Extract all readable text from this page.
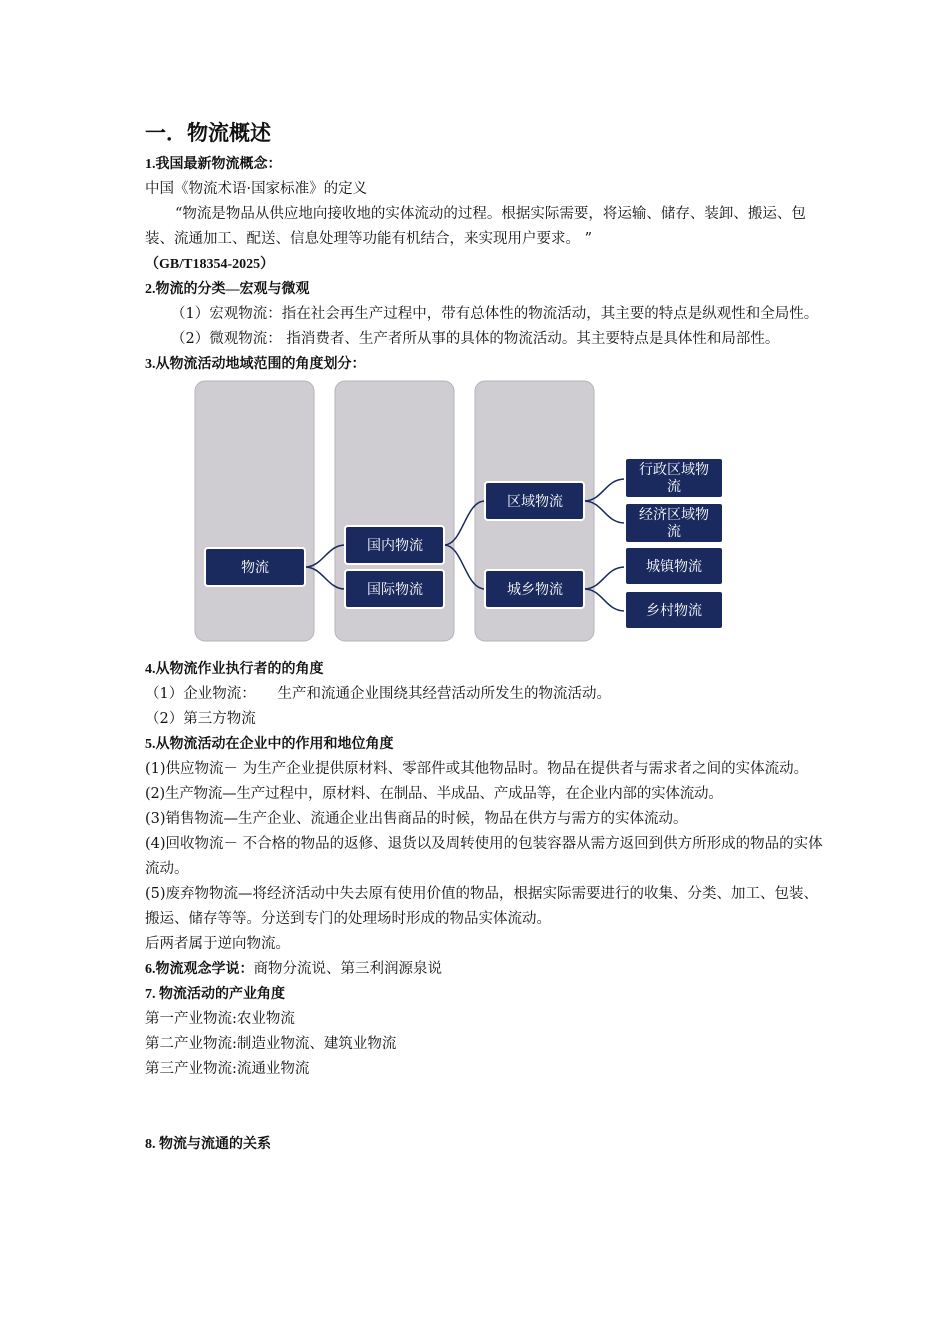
一．物流概述
1.我国最新物流概念：

中国《物流术语·国家标准》的定义

“物流是物品从供应地向接收地的实体流动的过程。根据实际需要，将运输、储存、装卸、搬运、包装、流通加工、配送、信息处理等功能有机结合，来实现用户要求。 ”

（GB/T18354-2025）
2.物流的分类—宏观与微观

（1）宏观物流：指在社会再生产过程中，带有总体性的物流活动，其主要的特点是纵观性和全局性。

（2）微观物流： 指消费者、生产者所从事的具体的物流活动。其主要特点是具体性和局部性。

3.从物流活动地域范围的角度划分：
物流
国内物流
国际物流
区域物流
城乡物流
行政区域物
流
经济区域物
流
城镇物流
乡村物流
4.从物流作业执行者的的角度

（1）企业物流：　　生产和流通企业围绕其经营活动所发生的物流活动。

（2）第三方物流

5.从物流活动在企业中的作用和地位角度

(1)供应物流－ 为生产企业提供原材料、零部件或其他物品时。物品在提供者与需求者之间的实体流动。

(2)生产物流—生产过程中，原材料、在制品、半成品、产成品等，在企业内部的实体流动。

(3)销售物流—生产企业、流通企业出售商品的时候，物品在供方与需方的实体流动。

(4)回收物流－ 不合格的物品的返修、退货以及周转使用的包装容器从需方返回到供方所形成的物品的实体流动。

(5)废弃物物流—将经济活动中失去原有使用价值的物品，根据实际需要进行的收集、分类、加工、包装、搬运、储存等等。分送到专门的处理场时形成的物品实体流动。

后两者属于逆向物流。

6.物流观念学说：商物分流说、第三利润源泉说

7. 物流活动的产业角度

第一产业物流:农业物流

第二产业物流:制造业物流、建筑业物流

第三产业物流:流通业物流

8. 物流与流通的关系
